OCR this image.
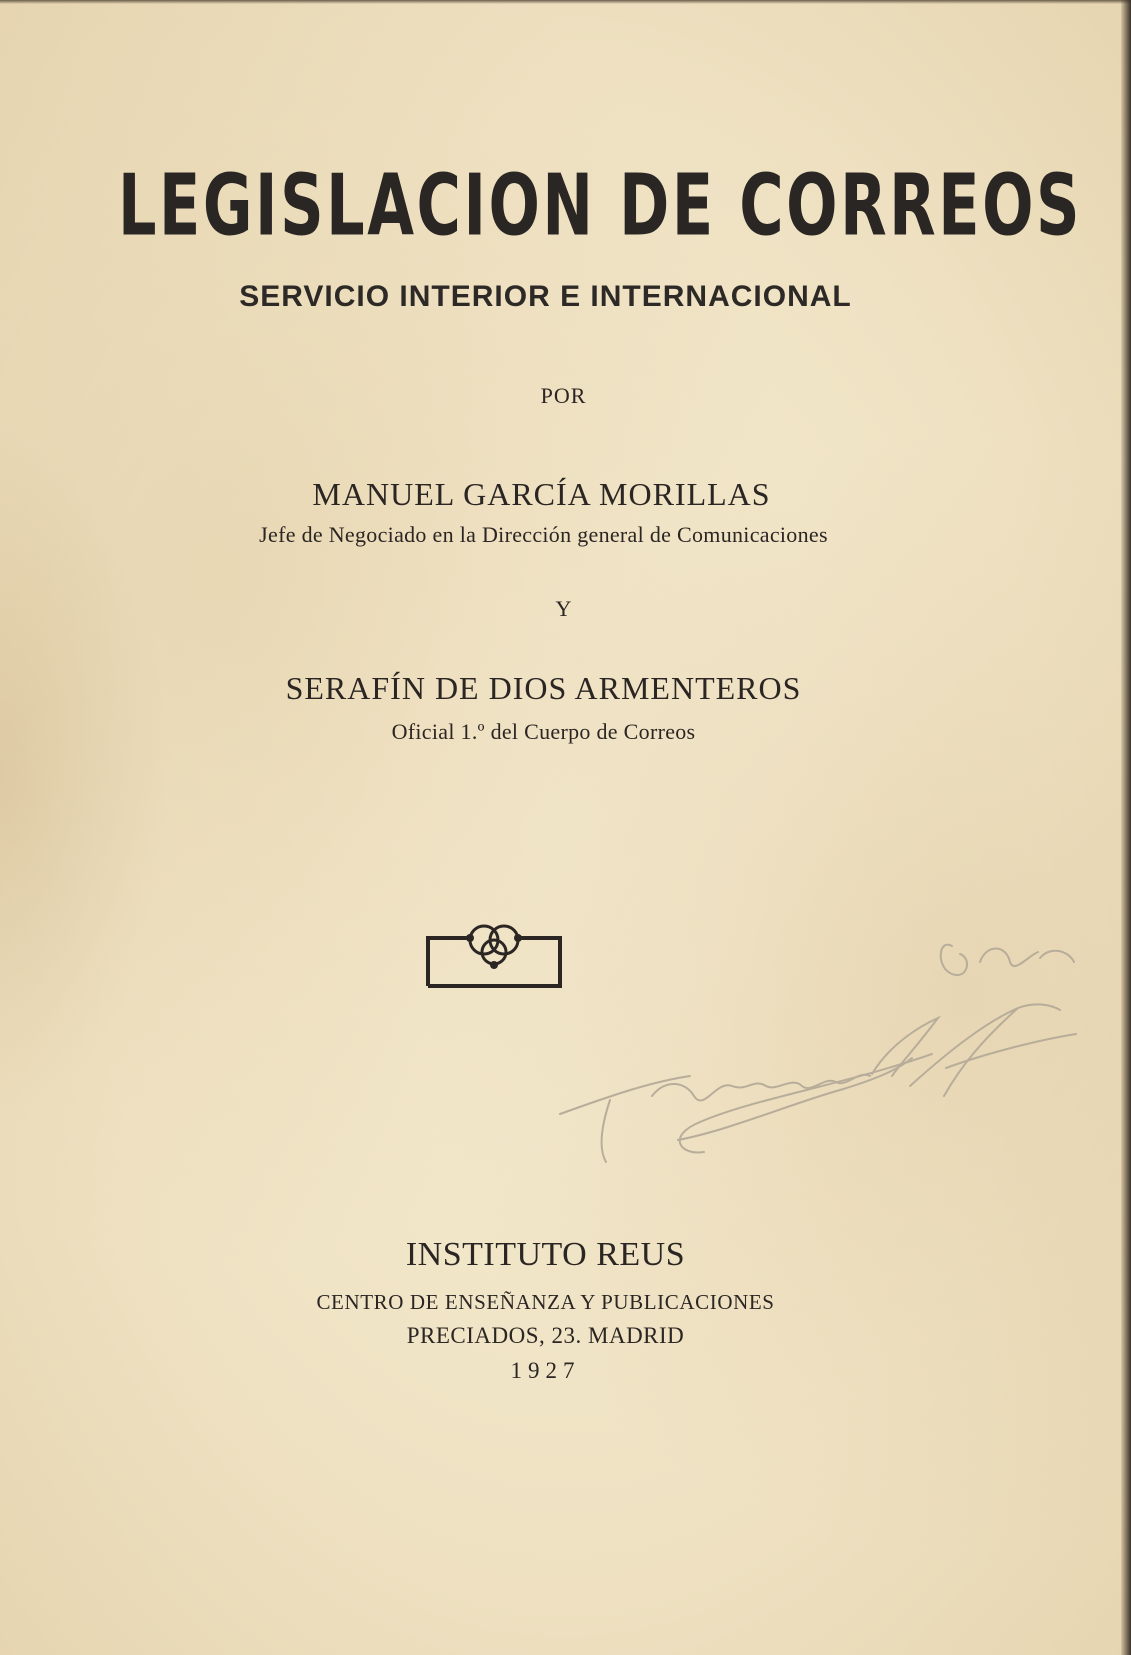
LEGISLACION DE CORREOS
SERVICIO INTERIOR E INTERNACIONAL
POR
MANUEL GARCÍA MORILLAS
Jefe de Negociado en la Dirección general de Comunicaciones
Y
SERAFÍN DE DIOS ARMENTEROS
Oficial 1.º del Cuerpo de Correos
INSTITUTO REUS
CENTRO DE ENSEÑANZA Y PUBLICACIONES
PRECIADOS, 23. MADRID
1927
